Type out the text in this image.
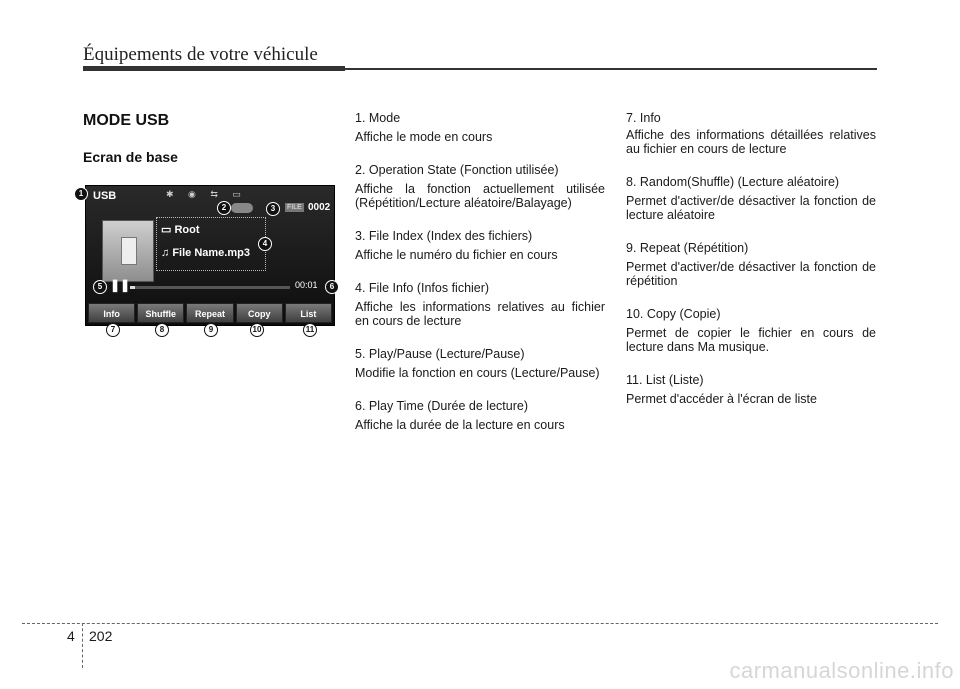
Équipements de votre véhicule
MODE USB
Ecran de base
USB	✱ ◉ ⇆ ▭
▭ Root
♫ File Name.mp3
FILE 0002
❚❚	00:01
Info	Shuffle	Repeat	Copy	List
1
2	3
4
5	6
7	8	9	10	11
1. Mode
Affiche le mode en cours
2. Operation State (Fonction utilisée)
Affiche la fonction actuellement utilisée (Répétition/Lecture aléatoire/Balayage)
3. File Index (Index des fichiers)
Affiche le numéro du fichier en cours
4. File Info (Infos fichier)
Affiche les informations relatives au fichier en cours de lecture
5. Play/Pause (Lecture/Pause)
Modifie la fonction en cours (Lecture/Pause)
6. Play Time (Durée de lecture)
Affiche la durée de la lecture en cours
7. Info
Affiche des informations détaillées relatives au fichier en cours de lecture
8. Random(Shuffle) (Lecture aléatoire)
Permet d'activer/de désactiver la fonction de lecture aléatoire
9. Repeat (Répétition)
Permet d'activer/de désactiver la fonction de répétition
10. Copy (Copie)
Permet de copier le fichier en cours de lecture dans Ma musique.
11. List (Liste)
Permet d'accéder à l'écran de liste
4 202
carmanualsonline.info
